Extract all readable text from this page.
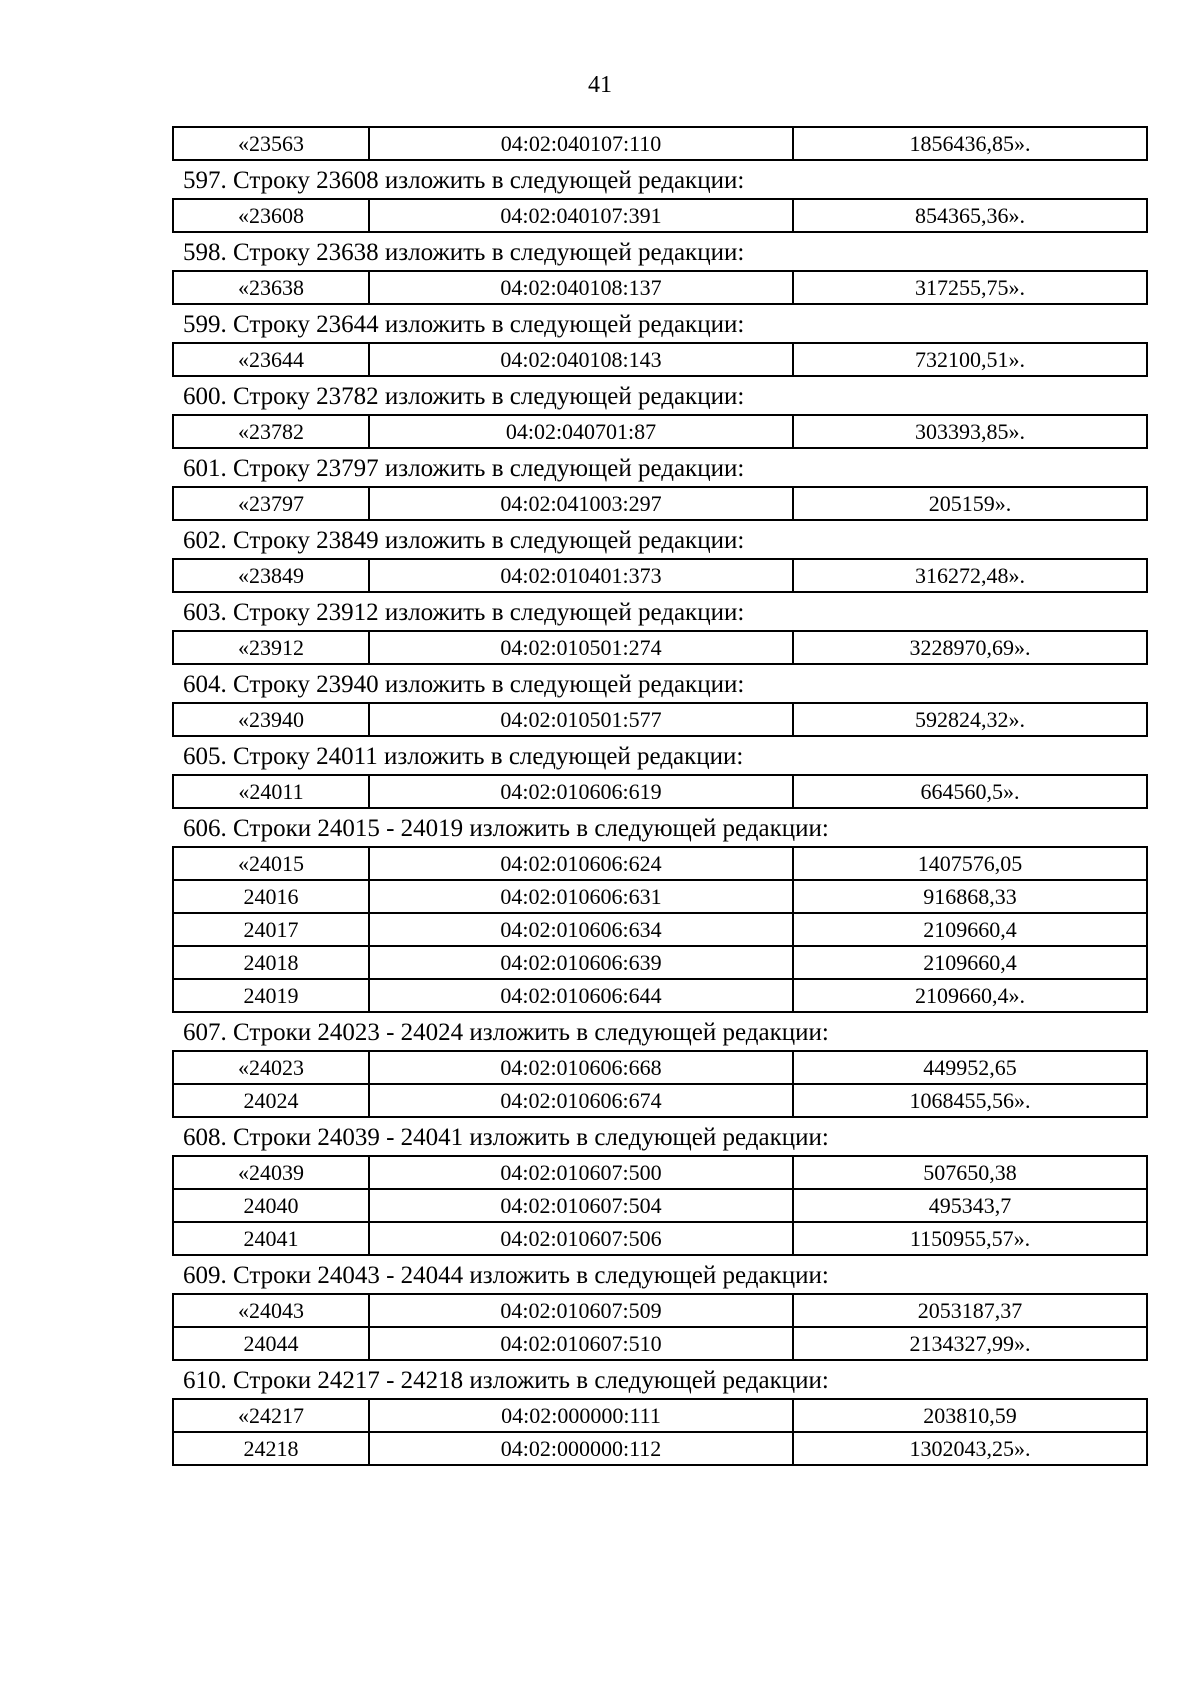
41
«23563	04:02:040107:110	1856436,85».
597. Строку 23608 изложить в следующей редакции:
«23608	04:02:040107:391	854365,36».
598. Строку 23638 изложить в следующей редакции:
«23638	04:02:040108:137	317255,75».
599. Строку 23644 изложить в следующей редакции:
«23644	04:02:040108:143	732100,51».
600. Строку 23782 изложить в следующей редакции:
«23782	04:02:040701:87	303393,85».
601. Строку 23797 изложить в следующей редакции:
«23797	04:02:041003:297	205159».
602. Строку 23849 изложить в следующей редакции:
«23849	04:02:010401:373	316272,48».
603. Строку 23912 изложить в следующей редакции:
«23912	04:02:010501:274	3228970,69».
604. Строку 23940 изложить в следующей редакции:
«23940	04:02:010501:577	592824,32».
605. Строку 24011 изложить в следующей редакции:
«24011	04:02:010606:619	664560,5».
606. Строки 24015 - 24019 изложить в следующей редакции:
«24015	04:02:010606:624	1407576,05
24016	04:02:010606:631	916868,33
24017	04:02:010606:634	2109660,4
24018	04:02:010606:639	2109660,4
24019	04:02:010606:644	2109660,4».
607. Строки 24023 - 24024 изложить в следующей редакции:
«24023	04:02:010606:668	449952,65
24024	04:02:010606:674	1068455,56».
608. Строки 24039 - 24041 изложить в следующей редакции:
«24039	04:02:010607:500	507650,38
24040	04:02:010607:504	495343,7
24041	04:02:010607:506	1150955,57».
609. Строки 24043 - 24044 изложить в следующей редакции:
«24043	04:02:010607:509	2053187,37
24044	04:02:010607:510	2134327,99».
610. Строки 24217 - 24218 изложить в следующей редакции:
«24217	04:02:000000:111	203810,59
24218	04:02:000000:112	1302043,25».
